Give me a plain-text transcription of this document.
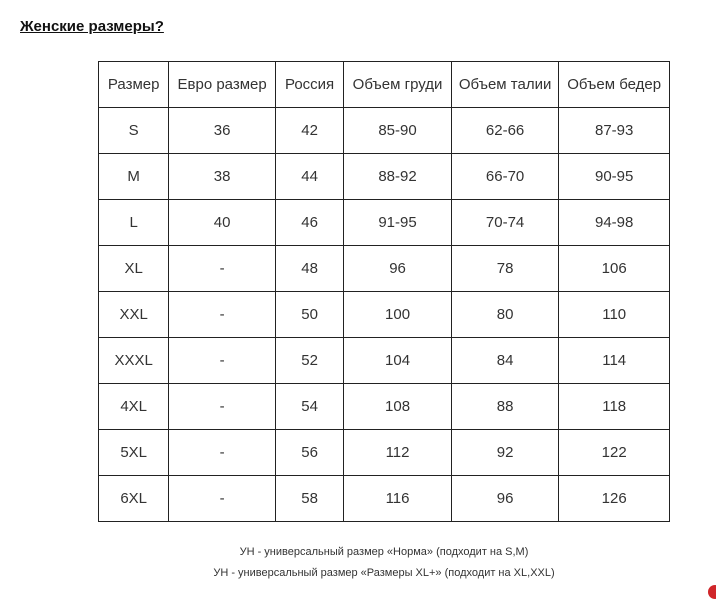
Женские размеры?
Размер	Евро размер	Россия	Объем груди	Объем талии	Объем бедер
S	36	42	85-90	62-66	87-93
M	38	44	88-92	66-70	90-95
L	40	46	91-95	70-74	94-98
XL	-	48	96	78	106
XXL	-	50	100	80	110
XXXL	-	52	104	84	114
4XL	-	54	108	88	118
5XL	-	56	112	92	122
6XL	-	58	116	96	126
УН - универсальный размер «Норма» (подходит на S,M)
УН - универсальный размер «Размеры XL+» (подходит на XL,XXL)
